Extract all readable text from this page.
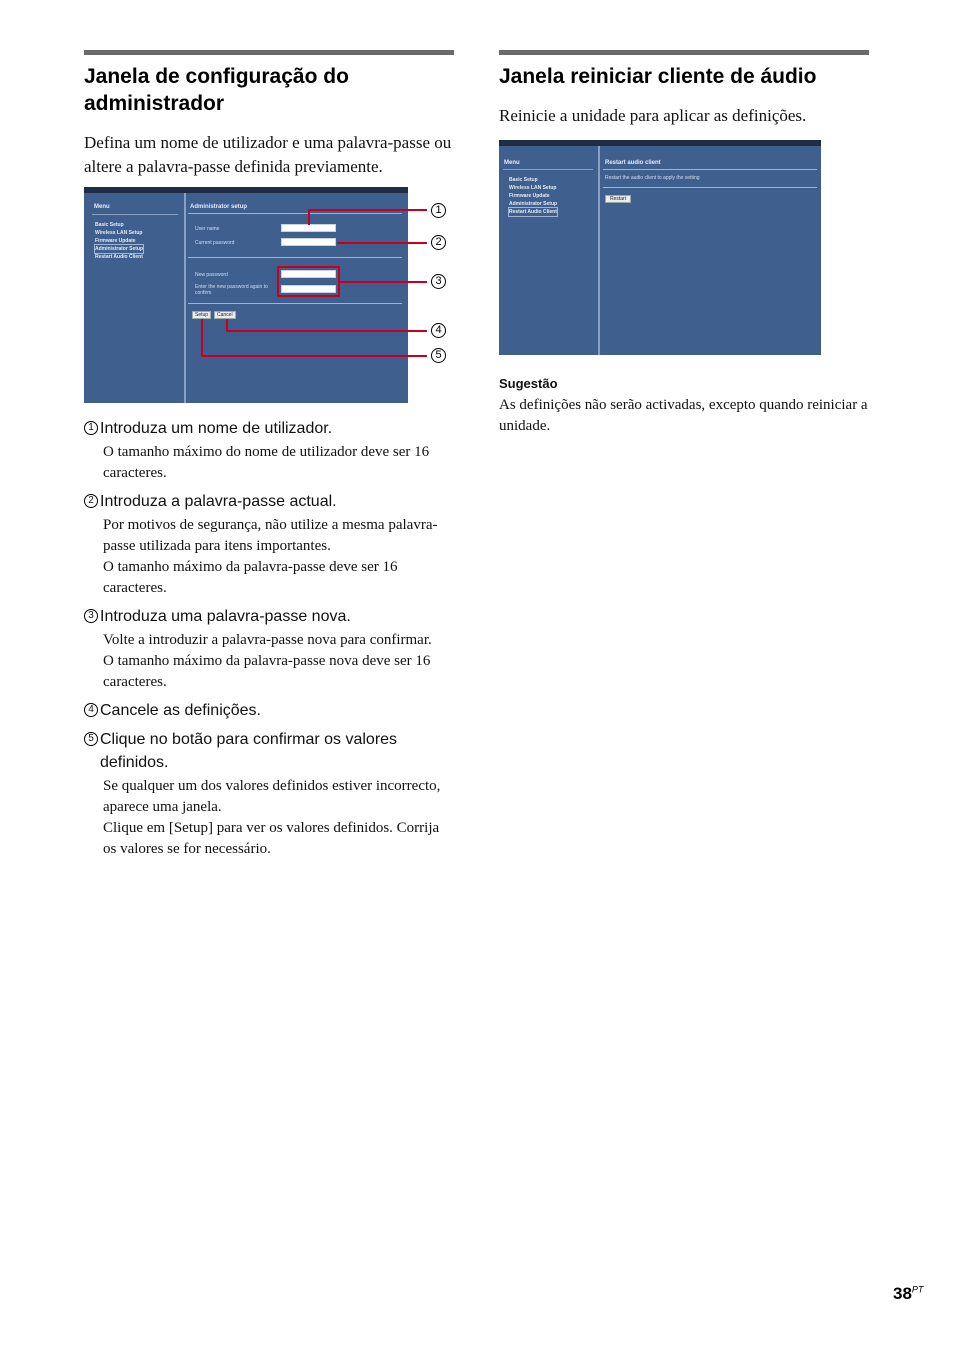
Janela de configuração do administrador

Defina um nome de utilizador e uma palavra-passe ou altere a palavra-passe definida previamente.

Menu
Basic Setup
Wireless LAN Setup
Firmware Update
Administrator Setup
Restart Audio Client
Administrator setup
User name
Current password
New password
Enter the new password again to confirm
Setup	Cancel
1
2
3
4
5
1 Introduza um nome de utilizador.

O tamanho máximo do nome de utilizador deve ser 16 caracteres.

2 Introduza a palavra-passe actual.

Por motivos de segurança, não utilize a mesma palavra-passe utilizada para itens importantes.

O tamanho máximo da palavra-passe deve ser 16 caracteres.

3 Introduza uma palavra-passe nova.

Volte a introduzir a palavra-passe nova para confirmar.

O tamanho máximo da palavra-passe nova deve ser 16 caracteres.

4 Cancele as definições.
5 Clique no botão para confirmar os valores definidos.

Se qualquer um dos valores definidos estiver incorrecto, aparece uma janela.

Clique em [Setup] para ver os valores definidos. Corrija os valores se for necessário.

Janela reiniciar cliente de áudio

Reinicie a unidade para aplicar as definições.

Menu
Basic Setup
Wireless LAN Setup
Firmware Update
Administrator Setup
Restart Audio Client
Restart audio client
Restart the audio client to apply the setting
Restart
Sugestão

As definições não serão activadas, excepto quando reiniciar a unidade.

$38^{PT}$
